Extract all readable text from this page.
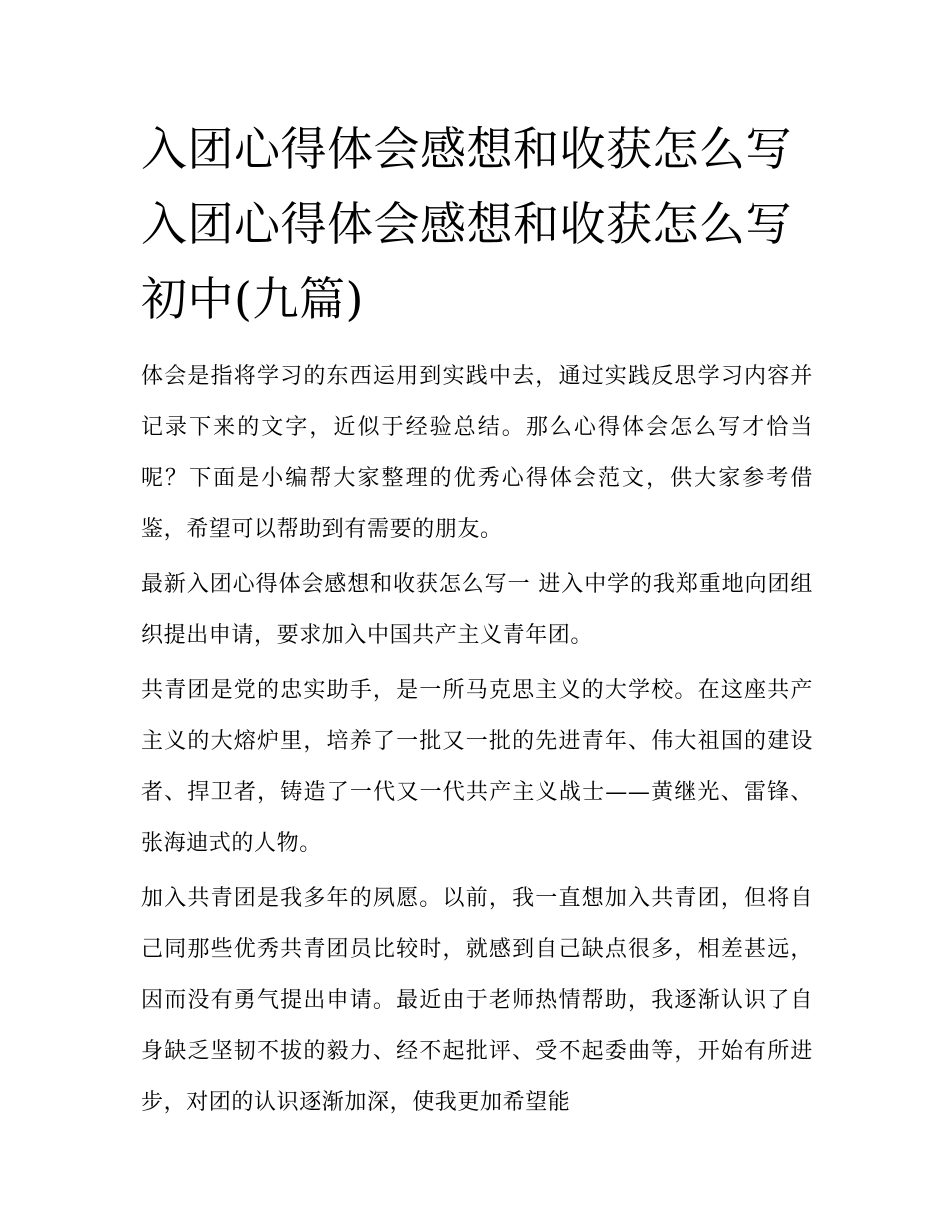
入团心得体会感想和收获怎么写 入团心得体会感想和收获怎么写初中(九篇)

体会是指将学习的东西运用到实践中去，通过实践反思学习内容并记录下来的文字，近似于经验总结。那么心得体会怎么写才恰当呢？下面是小编帮大家整理的优秀心得体会范文，供大家参考借鉴，希望可以帮助到有需要的朋友。

最新入团心得体会感想和收获怎么写一 进入中学的我郑重地向团组织提出申请，要求加入中国共产主义青年团。

共青团是党的忠实助手，是一所马克思主义的大学校。在这座共产主义的大熔炉里，培养了一批又一批的先进青年、伟大祖国的建设者、捍卫者，铸造了一代又一代共产主义战士——黄继光、雷锋、张海迪式的人物。

加入共青团是我多年的夙愿。以前，我一直想加入共青团，但将自己同那些优秀共青团员比较时，就感到自己缺点很多，相差甚远，因而没有勇气提出申请。最近由于老师热情帮助，我逐渐认识了自身缺乏坚韧不拔的毅力、经不起批评、受不起委曲等，开始有所进步，对团的认识逐渐加深，使我更加希望能
